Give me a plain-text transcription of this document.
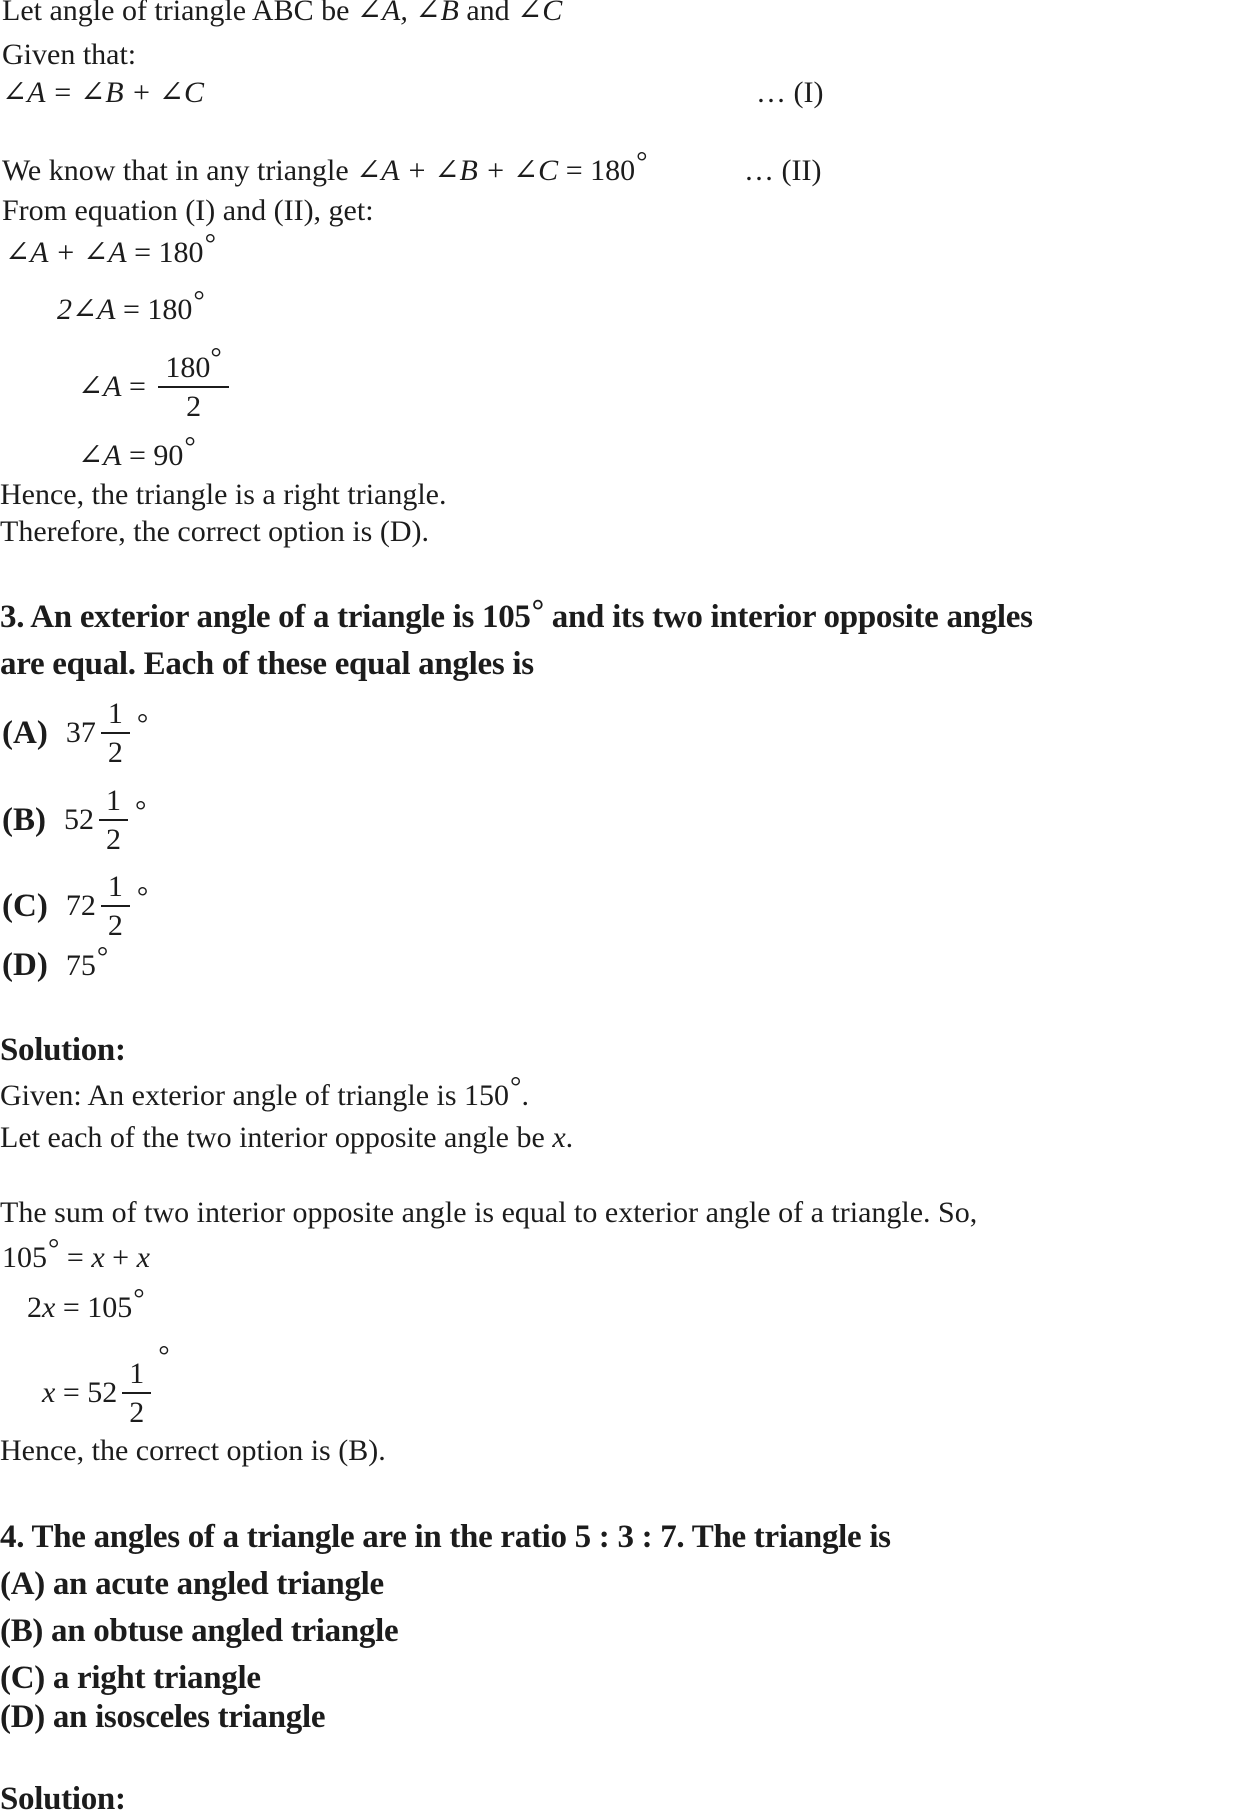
Let angle of triangle ABC be ∠A, ∠B and ∠C
Given that:
∠A = ∠B + ∠C	… (I)
We know that in any triangle ∠A + ∠B + ∠C = 180°	… (II)
From equation (I) and (II), get:
∠A + ∠A = 180°
2∠A = 180°
∠A = $\frac{180^\circ}{2}$
∠A = 90°
Hence, the triangle is a right triangle.
Therefore, the correct option is (D).
3. An exterior angle of a triangle is 105° and its two interior opposite angles
are equal. Each of these equal angles is
(A) $37 \frac{1}{2}$ °
(B) $52 \frac{1}{2}$ °
(C) $72 \frac{1}{2}$ °
(D) 75°
Solution:
Given: An exterior angle of triangle is 150°.
Let each of the two interior opposite angle be x.
The sum of two interior opposite angle is equal to exterior angle of a triangle. So,
105° = x + x
2x = 105°
$x = 52 \frac{1}{2}$
°
Hence, the correct option is (B).
4. The angles of a triangle are in the ratio 5 : 3 : 7. The triangle is
(A) an acute angled triangle
(B) an obtuse angled triangle
(C) a right triangle
(D) an isosceles triangle
Solution:
